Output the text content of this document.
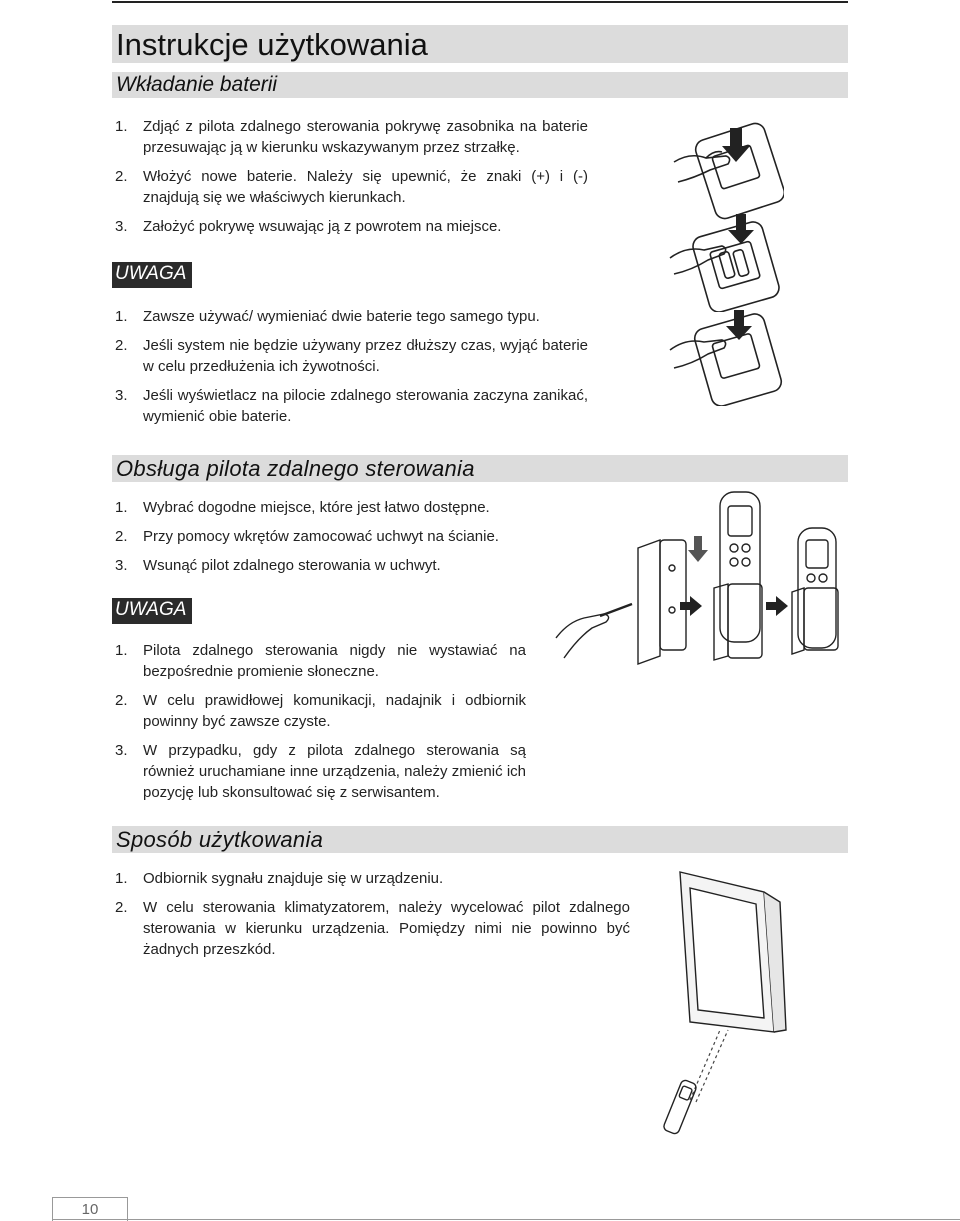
Instrukcje użytkowania
Wkładanie baterii
1. Zdjąć z pilota zdalnego sterowania pokrywę zasobnika na baterie przesuwając ją w kierunku wskazywanym przez strzałkę.
2. Włożyć nowe baterie. Należy się upewnić, że znaki (+) i (-) znajdują się we właściwych kierunkach.
3. Założyć pokrywę wsuwając ją z powrotem na miejsce.
UWAGA
1. Zawsze używać/ wymieniać dwie baterie tego samego typu.
2. Jeśli system nie będzie używany przez dłuższy czas, wyjąć baterie w celu przedłużenia ich żywotności.
3. Jeśli wyświetlacz na pilocie zdalnego sterowania zaczyna zanikać, wymienić obie baterie.
Obsługa pilota zdalnego sterowania
1. Wybrać dogodne miejsce, które jest łatwo dostępne.
2. Przy pomocy wkrętów zamocować uchwyt na ścianie.
3. Wsunąć pilot zdalnego sterowania w uchwyt.
UWAGA
1. Pilota zdalnego sterowania nigdy nie wystawiać na bezpośrednie promienie słoneczne.
2. W celu prawidłowej komunikacji, nadajnik i odbiornik powinny być zawsze czyste.
3. W przypadku, gdy z pilota zdalnego sterowania są również uruchamiane inne urządzenia, należy zmienić ich pozycję lub skonsultować się z serwisantem.
Sposób użytkowania
1. Odbiornik sygnału znajduje się w urządzeniu.
2. W celu sterowania klimatyzatorem, należy wycelować pilot zdalnego sterowania w kierunku urządzenia. Pomiędzy nimi nie powinno być żadnych przeszkód.
10
